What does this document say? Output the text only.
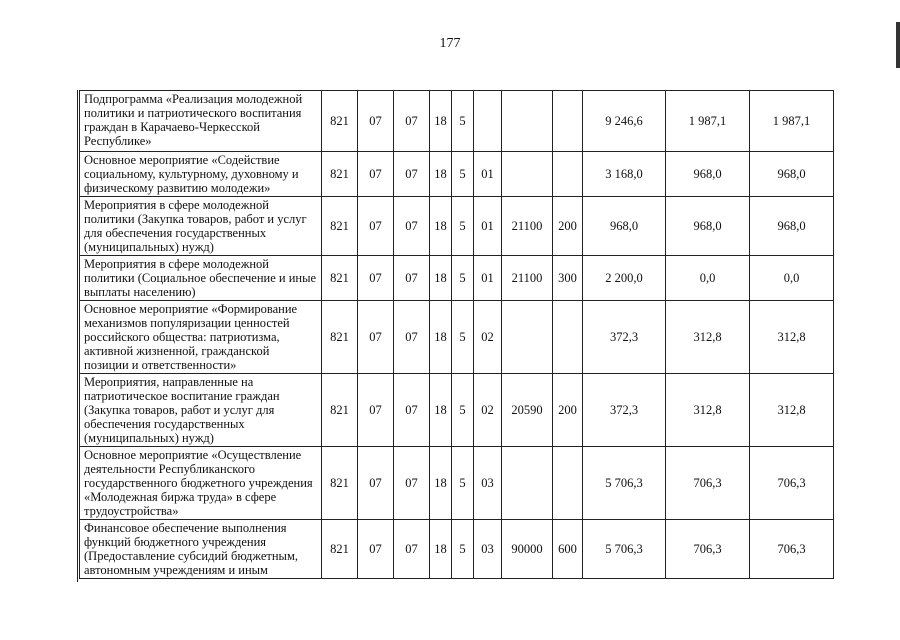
177
Подпрограмма «Реализация молодежной политики и патриотического воспитания граждан в Карачаево-Черкесской Республике»	821	07	07	18	5				9 246,6	1 987,1	1 987,1
Основное мероприятие «Содействие социальному, культурному, духовному и физическому развитию молодежи»	821	07	07	18	5	01			3 168,0	968,0	968,0
Мероприятия в сфере молодежной политики (Закупка товаров, работ и услуг для обеспечения государственных (муниципальных) нужд)	821	07	07	18	5	01	21100	200	968,0	968,0	968,0
Мероприятия в сфере молодежной политики (Социальное обеспечение и иные выплаты населению)	821	07	07	18	5	01	21100	300	2 200,0	0,0	0,0
Основное мероприятие «Формирование механизмов популяризации ценностей российского общества: патриотизма, активной жизненной, гражданской позиции и ответственности»	821	07	07	18	5	02			372,3	312,8	312,8
Мероприятия, направленные на патриотическое воспитание граждан (Закупка товаров, работ и услуг для обеспечения государственных (муниципальных) нужд)	821	07	07	18	5	02	20590	200	372,3	312,8	312,8
Основное мероприятие «Осуществление деятельности Республиканского государственного бюджетного учреждения «Молодежная биржа труда» в сфере трудоустройства»	821	07	07	18	5	03			5 706,3	706,3	706,3
Финансовое обеспечение выполнения функций бюджетного учреждения (Предоставление субсидий бюджетным, автономным учреждениям и иным	821	07	07	18	5	03	90000	600	5 706,3	706,3	706,3
